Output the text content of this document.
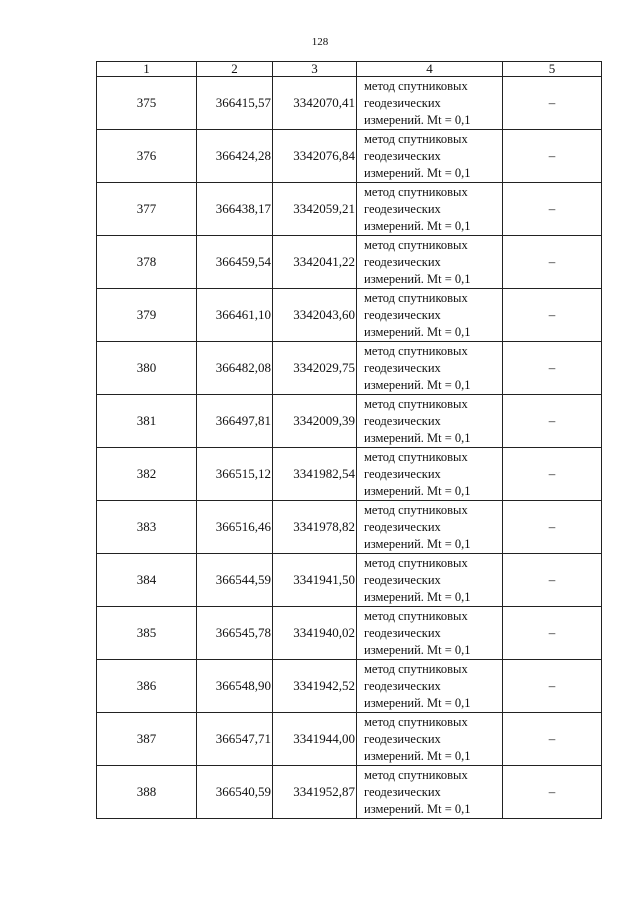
128
1	2	3	4	5
375	366415,57	3342070,41	метод спутниковых
геодезических
измерений. Mt = 0,1	–
376	366424,28	3342076,84	метод спутниковых
геодезических
измерений. Mt = 0,1	–
377	366438,17	3342059,21	метод спутниковых
геодезических
измерений. Mt = 0,1	–
378	366459,54	3342041,22	метод спутниковых
геодезических
измерений. Mt = 0,1	–
379	366461,10	3342043,60	метод спутниковых
геодезических
измерений. Mt = 0,1	–
380	366482,08	3342029,75	метод спутниковых
геодезических
измерений. Mt = 0,1	–
381	366497,81	3342009,39	метод спутниковых
геодезических
измерений. Mt = 0,1	–
382	366515,12	3341982,54	метод спутниковых
геодезических
измерений. Mt = 0,1	–
383	366516,46	3341978,82	метод спутниковых
геодезических
измерений. Mt = 0,1	–
384	366544,59	3341941,50	метод спутниковых
геодезических
измерений. Mt = 0,1	–
385	366545,78	3341940,02	метод спутниковых
геодезических
измерений. Mt = 0,1	–
386	366548,90	3341942,52	метод спутниковых
геодезических
измерений. Mt = 0,1	–
387	366547,71	3341944,00	метод спутниковых
геодезических
измерений. Mt = 0,1	–
388	366540,59	3341952,87	метод спутниковых
геодезических
измерений. Mt = 0,1	–
